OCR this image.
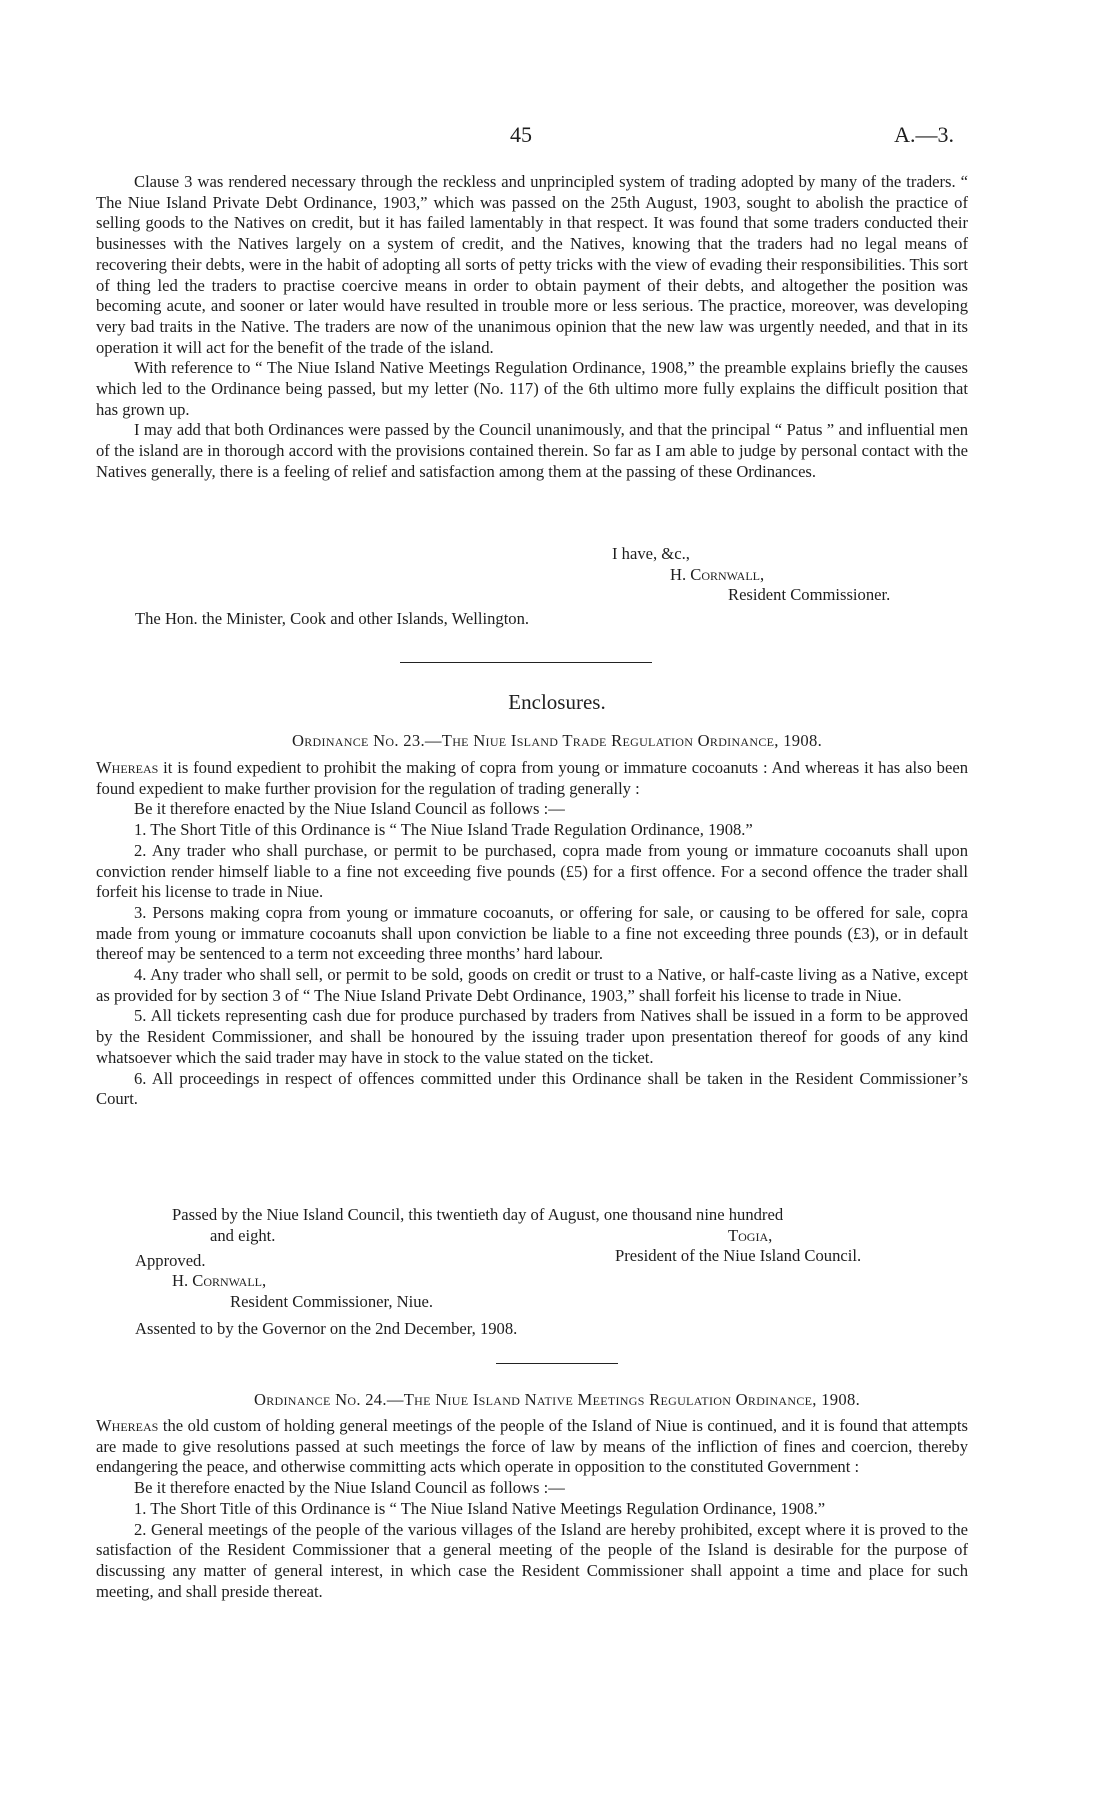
45	A.—3.

Clause 3 was rendered necessary through the reckless and unprincipled system of trading adopted by many of the traders. “ The Niue Island Private Debt Ordinance, 1903,” which was passed on the 25th August, 1903, sought to abolish the practice of selling goods to the Natives on credit, but it has failed lamentably in that respect. It was found that some traders conducted their businesses with the Natives largely on a system of credit, and the Natives, knowing that the traders had no legal means of recovering their debts, were in the habit of adopting all sorts of petty tricks with the view of evading their responsibilities. This sort of thing led the traders to practise coercive means in order to obtain payment of their debts, and altogether the position was becoming acute, and sooner or later would have resulted in trouble more or less serious. The practice, moreover, was developing very bad traits in the Native. The traders are now of the unanimous opinion that the new law was urgently needed, and that in its operation it will act for the benefit of the trade of the island.

With reference to “ The Niue Island Native Meetings Regulation Ordinance, 1908,” the preamble explains briefly the causes which led to the Ordinance being passed, but my letter (No. 117) of the 6th ultimo more fully explains the difficult position that has grown up.

I may add that both Ordinances were passed by the Council unanimously, and that the principal “ Patus ” and influential men of the island are in thorough accord with the provisions contained therein. So far as I am able to judge by personal contact with the Natives generally, there is a feeling of relief and satisfaction among them at the passing of these Ordinances.

I have, &c.,
H. Cornwall,
Resident Commissioner.
The Hon. the Minister, Cook and other Islands, Wellington.
Enclosures.
Ordinance No. 23.—The Niue Island Trade Regulation Ordinance, 1908.

Whereas it is found expedient to prohibit the making of copra from young or immature cocoanuts : And whereas it has also been found expedient to make further provision for the regulation of trading generally :

Be it therefore enacted by the Niue Island Council as follows :—

1. The Short Title of this Ordinance is “ The Niue Island Trade Regulation Ordinance, 1908.”

2. Any trader who shall purchase, or permit to be purchased, copra made from young or immature cocoanuts shall upon conviction render himself liable to a fine not exceeding five pounds (£5) for a first offence. For a second offence the trader shall forfeit his license to trade in Niue.

3. Persons making copra from young or immature cocoanuts, or offering for sale, or causing to be offered for sale, copra made from young or immature cocoanuts shall upon conviction be liable to a fine not exceeding three pounds (£3), or in default thereof may be sentenced to a term not exceeding three months’ hard labour.

4. Any trader who shall sell, or permit to be sold, goods on credit or trust to a Native, or half-caste living as a Native, except as provided for by section 3 of “ The Niue Island Private Debt Ordinance, 1903,” shall forfeit his license to trade in Niue.

5. All tickets representing cash due for produce purchased by traders from Natives shall be issued in a form to be approved by the Resident Commissioner, and shall be honoured by the issuing trader upon presentation thereof for goods of any kind whatsoever which the said trader may have in stock to the value stated on the ticket.

6. All proceedings in respect of offences committed under this Ordinance shall be taken in the Resident Commissioner’s Court.

Passed by the Niue Island Council, this twentieth day of August, one thousand nine hundred
and eight.	Togia,
Approved.	President of the Niue Island Council.
H. Cornwall,
Resident Commissioner, Niue.
Assented to by the Governor on the 2nd December, 1908.
Ordinance No. 24.—The Niue Island Native Meetings Regulation Ordinance, 1908.

Whereas the old custom of holding general meetings of the people of the Island of Niue is continued, and it is found that attempts are made to give resolutions passed at such meetings the force of law by means of the infliction of fines and coercion, thereby endangering the peace, and otherwise committing acts which operate in opposition to the constituted Government :

Be it therefore enacted by the Niue Island Council as follows :—

1. The Short Title of this Ordinance is “ The Niue Island Native Meetings Regulation Ordinance, 1908.”

2. General meetings of the people of the various villages of the Island are hereby prohibited, except where it is proved to the satisfaction of the Resident Commissioner that a general meeting of the people of the Island is desirable for the purpose of discussing any matter of general interest, in which case the Resident Commissioner shall appoint a time and place for such meeting, and shall preside thereat.
